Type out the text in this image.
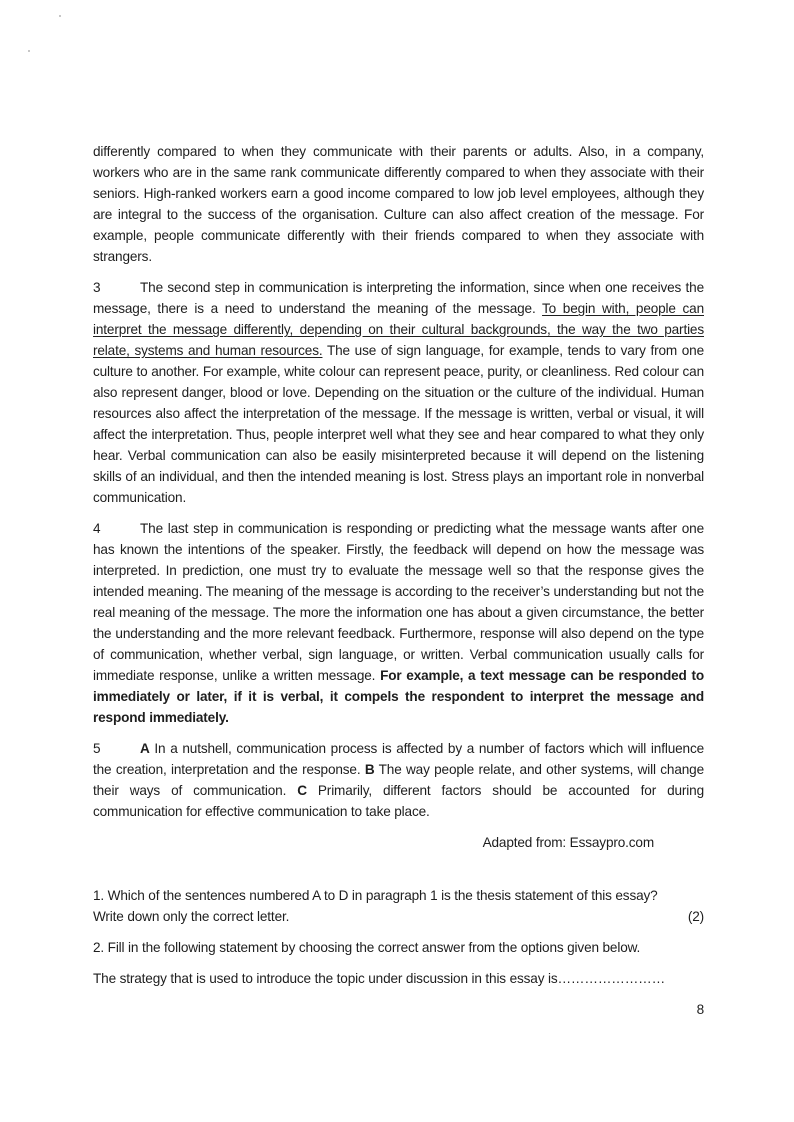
differently compared to when they communicate with their parents or adults. Also, in a company, workers who are in the same rank communicate differently compared to when they associate with their seniors. High-ranked workers earn a good income compared to low job level employees, although they are integral to the success of the organisation. Culture can also affect creation of the message. For example, people communicate differently with their friends compared to when they associate with strangers.

3	The second step in communication is interpreting the information, since when one receives the message, there is a need to understand the meaning of the message. To begin with, people can interpret the message differently, depending on their cultural backgrounds, the way the two parties relate, systems and human resources. The use of sign language, for example, tends to vary from one culture to another. For example, white colour can represent peace, purity, or cleanliness. Red colour can also represent danger, blood or love. Depending on the situation or the culture of the individual. Human resources also affect the interpretation of the message. If the message is written, verbal or visual, it will affect the interpretation. Thus, people interpret well what they see and hear compared to what they only hear. Verbal communication can also be easily misinterpreted because it will depend on the listening skills of an individual, and then the intended meaning is lost. Stress plays an important role in nonverbal communication.

4	The last step in communication is responding or predicting what the message wants after one has known the intentions of the speaker. Firstly, the feedback will depend on how the message was interpreted. In prediction, one must try to evaluate the message well so that the response gives the intended meaning. The meaning of the message is according to the receiver’s understanding but not the real meaning of the message. The more the information one has about a given circumstance, the better the understanding and the more relevant feedback. Furthermore, response will also depend on the type of communication, whether verbal, sign language, or written. Verbal communication usually calls for immediate response, unlike a written message. For example, a text message can be responded to immediately or later, if it is verbal, it compels the respondent to interpret the message and respond immediately.

5	A In a nutshell, communication process is affected by a number of factors which will influence the creation, interpretation and the response. B The way people relate, and other systems, will change their ways of communication. C Primarily, different factors should be accounted for during communication for effective communication to take place.

Adapted from: Essaypro.com

1. Which of the sentences numbered A to D in paragraph 1 is the thesis statement of this essay?
Write down only the correct letter.	(2)
2. Fill in the following statement by choosing the correct answer from the options given below.
The strategy that is used to introduce the topic under discussion in this essay is……………………
8
